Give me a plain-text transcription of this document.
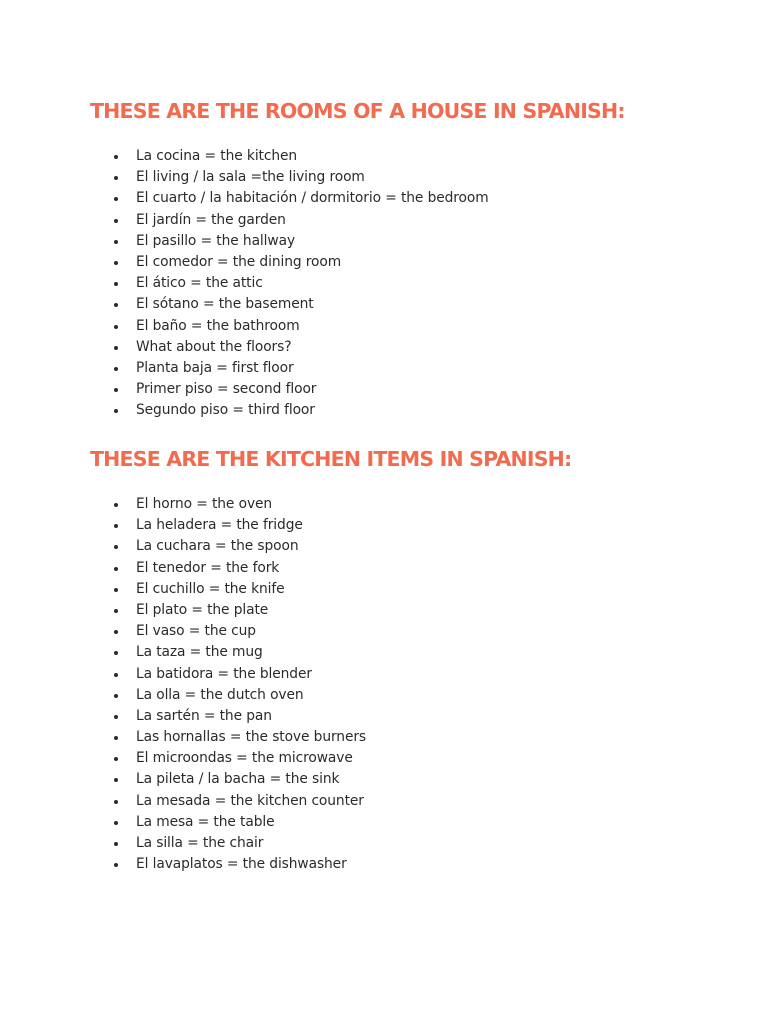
THESE ARE THE ROOMS OF A HOUSE IN SPANISH:
La cocina = the kitchen
El living / la sala =the living room
El cuarto / la habitación / dormitorio = the bedroom
El jardín = the garden
El pasillo = the hallway
El comedor = the dining room
El ático = the attic
El sótano = the basement
El baño = the bathroom
What about the floors?
Planta baja = first floor
Primer piso = second floor
Segundo piso = third floor
THESE ARE THE KITCHEN ITEMS IN SPANISH:
El horno = the oven
La heladera = the fridge
La cuchara = the spoon
El tenedor = the fork
El cuchillo = the knife
El plato = the plate
El vaso = the cup
La taza = the mug
La batidora = the blender
La olla = the dutch oven
La sartén = the pan
Las hornallas = the stove burners
El microondas = the microwave
La pileta / la bacha = the sink
La mesada = the kitchen counter
La mesa = the table
La silla = the chair
El lavaplatos = the dishwasher
